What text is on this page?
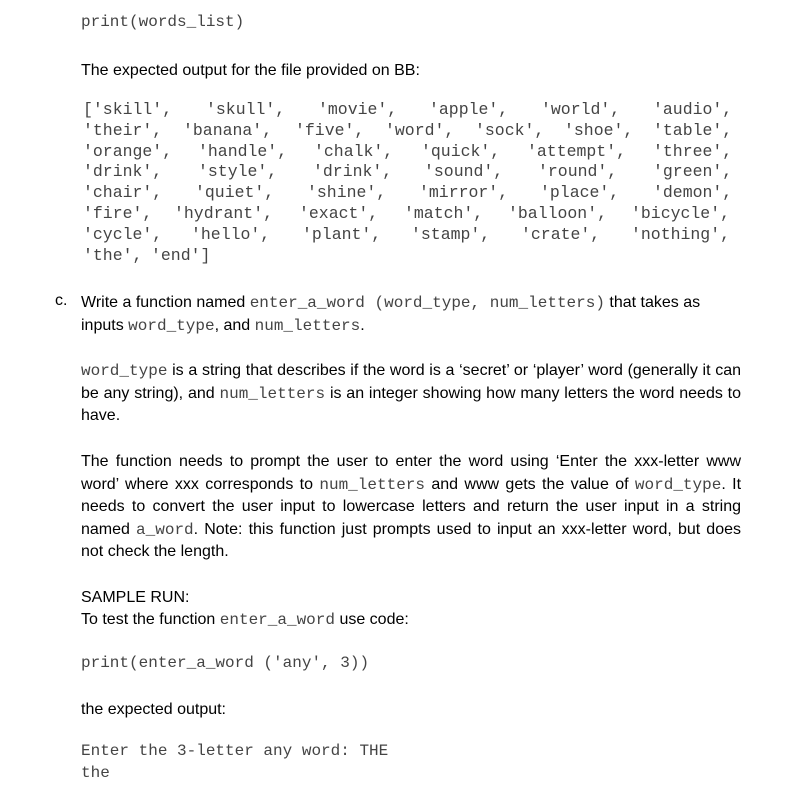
print(words_list)
The expected output for the file provided on BB:

['skill',

'skull',

'movie',

'apple',

'world',

'audio',

'their',

'banana',

'five',

'word',

'sock',

'shoe',

'table',

'orange',

'handle',

'chalk',

'quick',

'attempt',

'three',

'drink',

'style',

'drink',

'sound',

'round',

'green',

'chair',

'quiet',

'shine',

'mirror',

'place',

'demon',

'fire',

'hydrant',

'exact',

'match',

'balloon',

'bicycle',

'cycle',

'hello',

'plant',

'stamp',

'crate',

'nothing',

'the',

'end']

c. Write a function named enter_a_word (word_type, num_letters) that takes as inputs word_type, and num_letters.
word_type is a string that describes if the word is a ‘secret’ or ‘player’ word (generally it can be any string), and num_letters is an integer showing how many letters the word needs to have.
The function needs to prompt the user to enter the word using ‘Enter the xxx-letter www word’ where xxx corresponds to num_letters and www gets the value of word_type. It needs to convert the user input to lowercase letters and return the user input in a string named a_word. Note: this function just prompts used to input an xxx-letter word, but does not check the length.
SAMPLE RUN:
To test the function enter_a_word use code:
print(enter_a_word ('any', 3))
the expected output:
Enter the 3-letter any word: THE
the
